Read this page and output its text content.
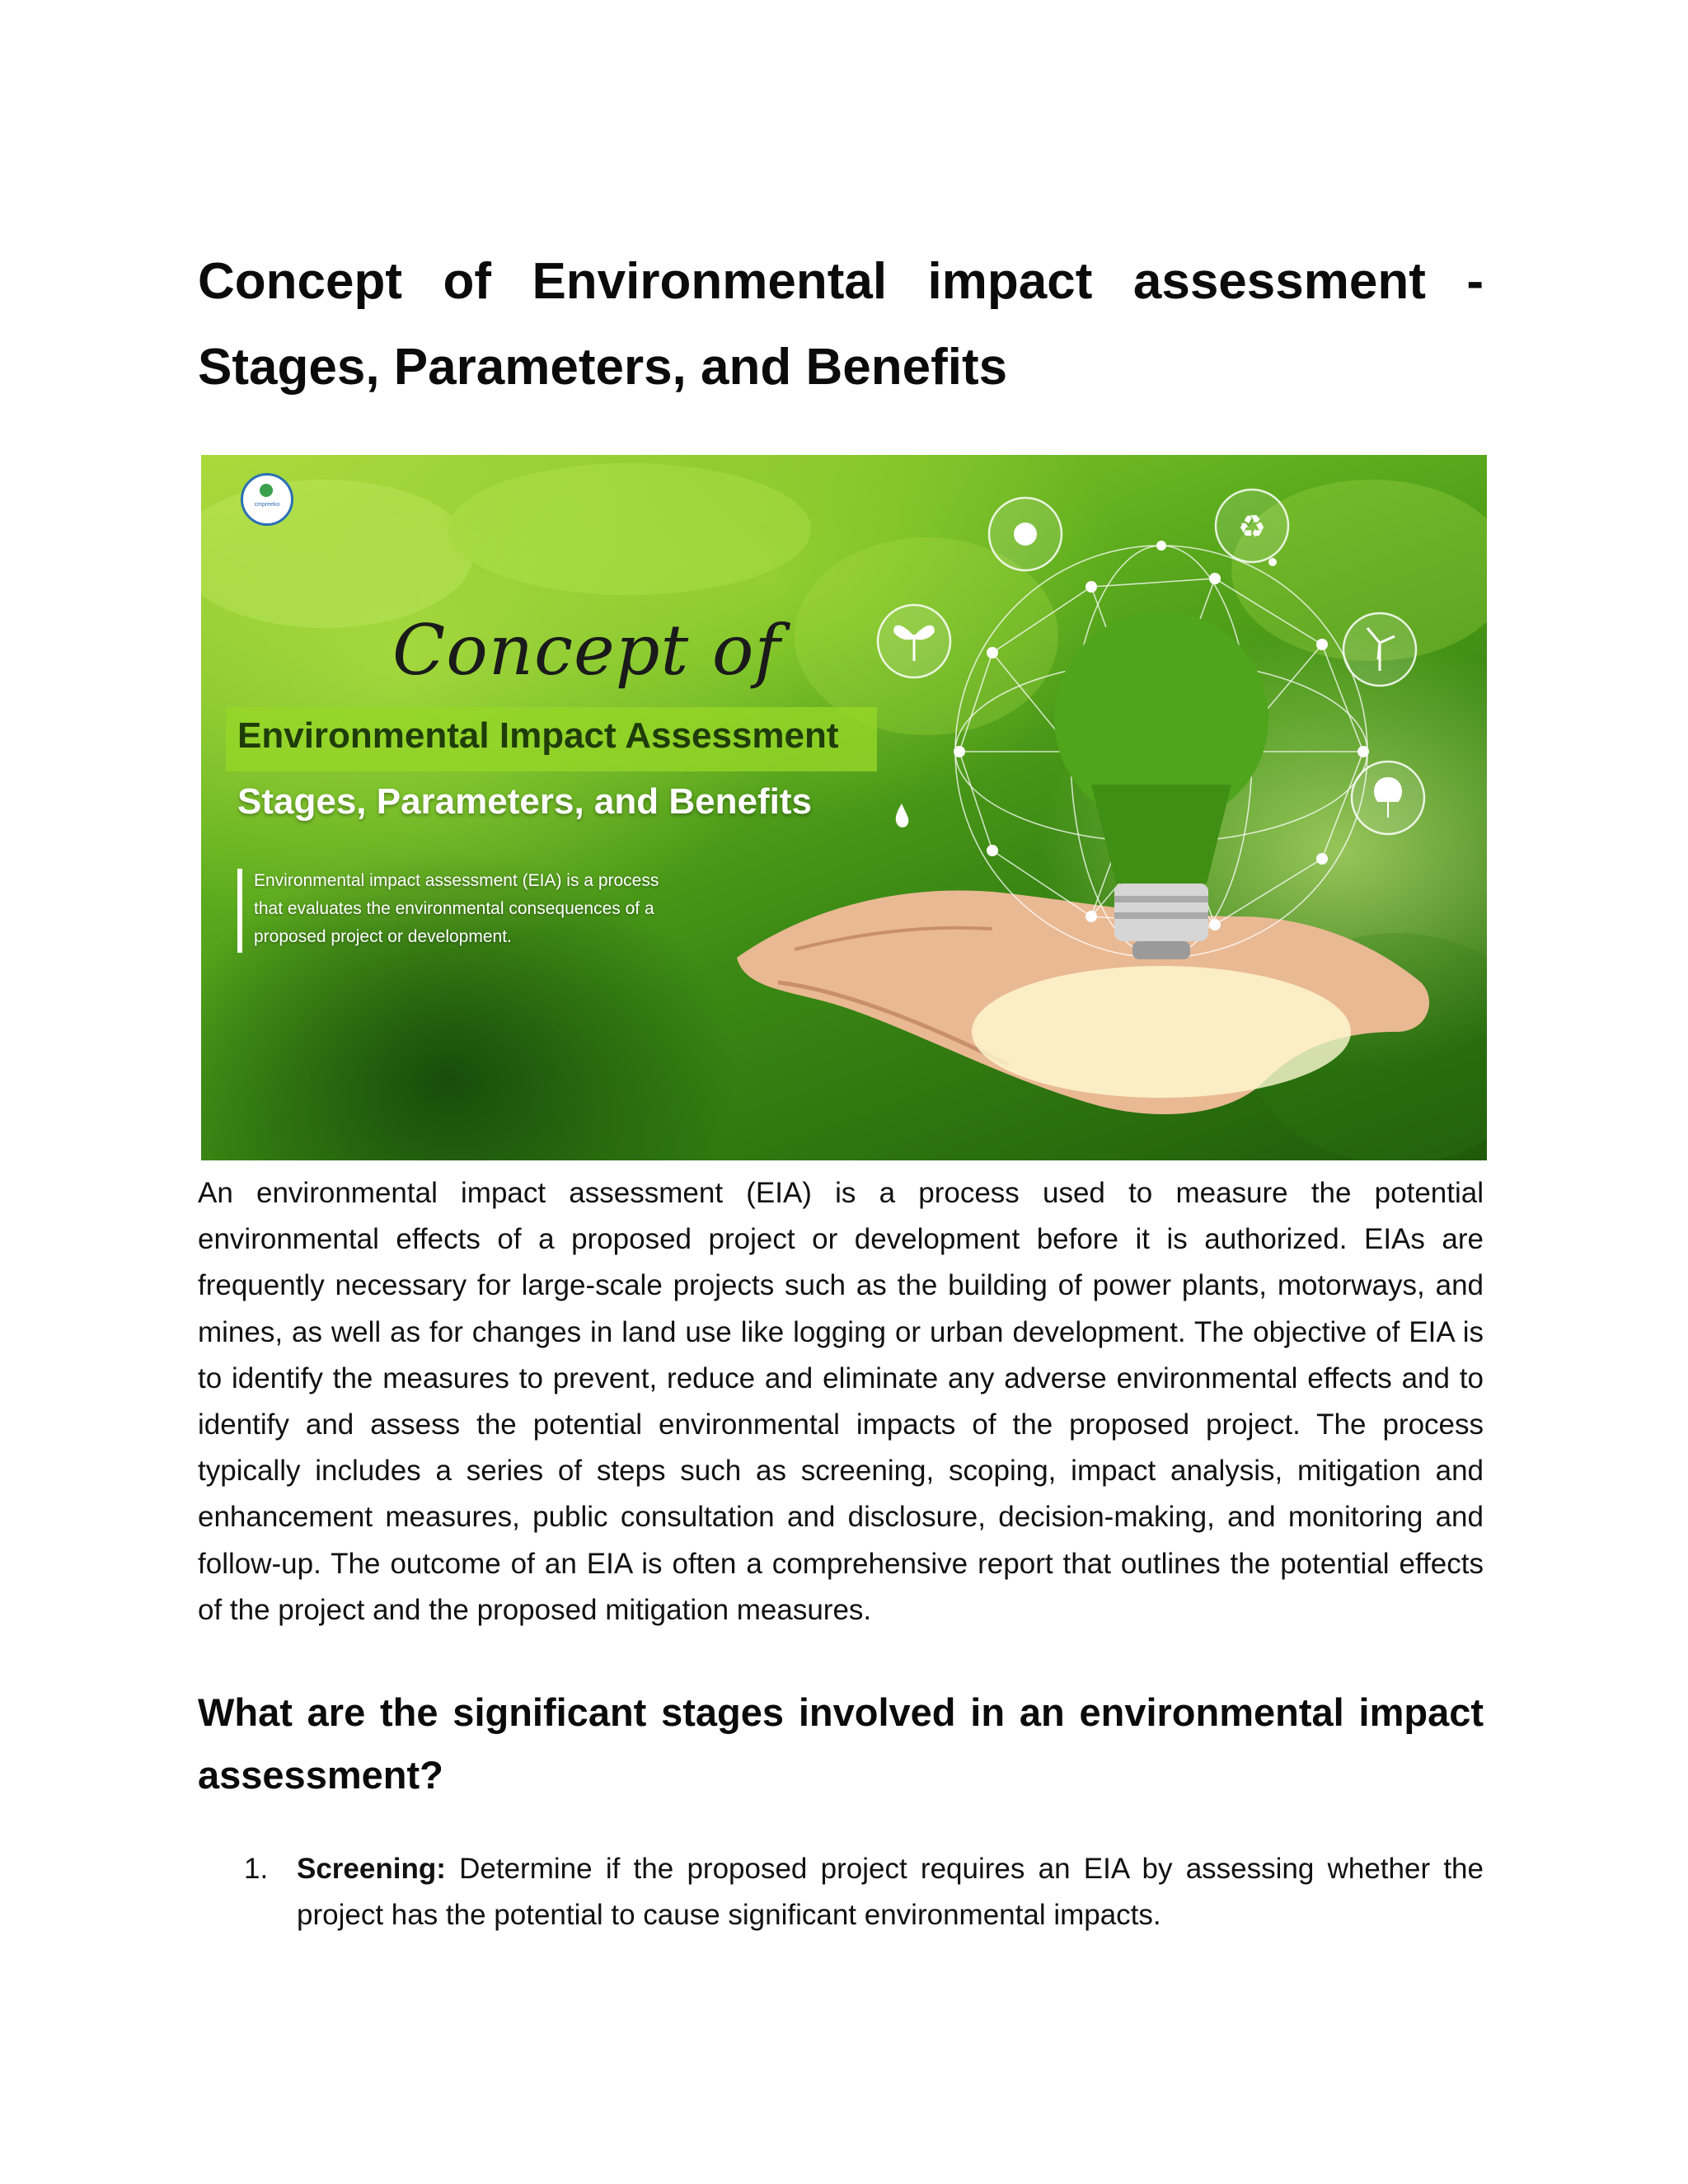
Concept of Environmental impact assessment - Stages, Parameters, and Benefits
♻
cmpreeko
Concept of
Environmental Impact Assessment
Stages, Parameters, and Benefits
Environmental impact assessment (EIA) is a process
that evaluates the environmental consequences of a
proposed project or development.

An environmental impact assessment (EIA) is a process used to measure the potential environmental effects of a proposed project or development before it is authorized. EIAs are frequently necessary for large-scale projects such as the building of power plants, motorways, and mines, as well as for changes in land use like logging or urban development. The objective of EIA is to identify the measures to prevent, reduce and eliminate any adverse environmental effects and to identify and assess the potential environmental impacts of the proposed project. The process typically includes a series of steps such as screening, scoping, impact analysis, mitigation and enhancement measures, public consultation and disclosure, decision-making, and monitoring and follow-up. The outcome of an EIA is often a comprehensive report that outlines the potential effects of the project and the proposed mitigation measures.

What are the significant stages involved in an environmental impact assessment?
1. Screening: Determine if the proposed project requires an EIA by assessing whether the project has the potential to cause significant environmental impacts.
